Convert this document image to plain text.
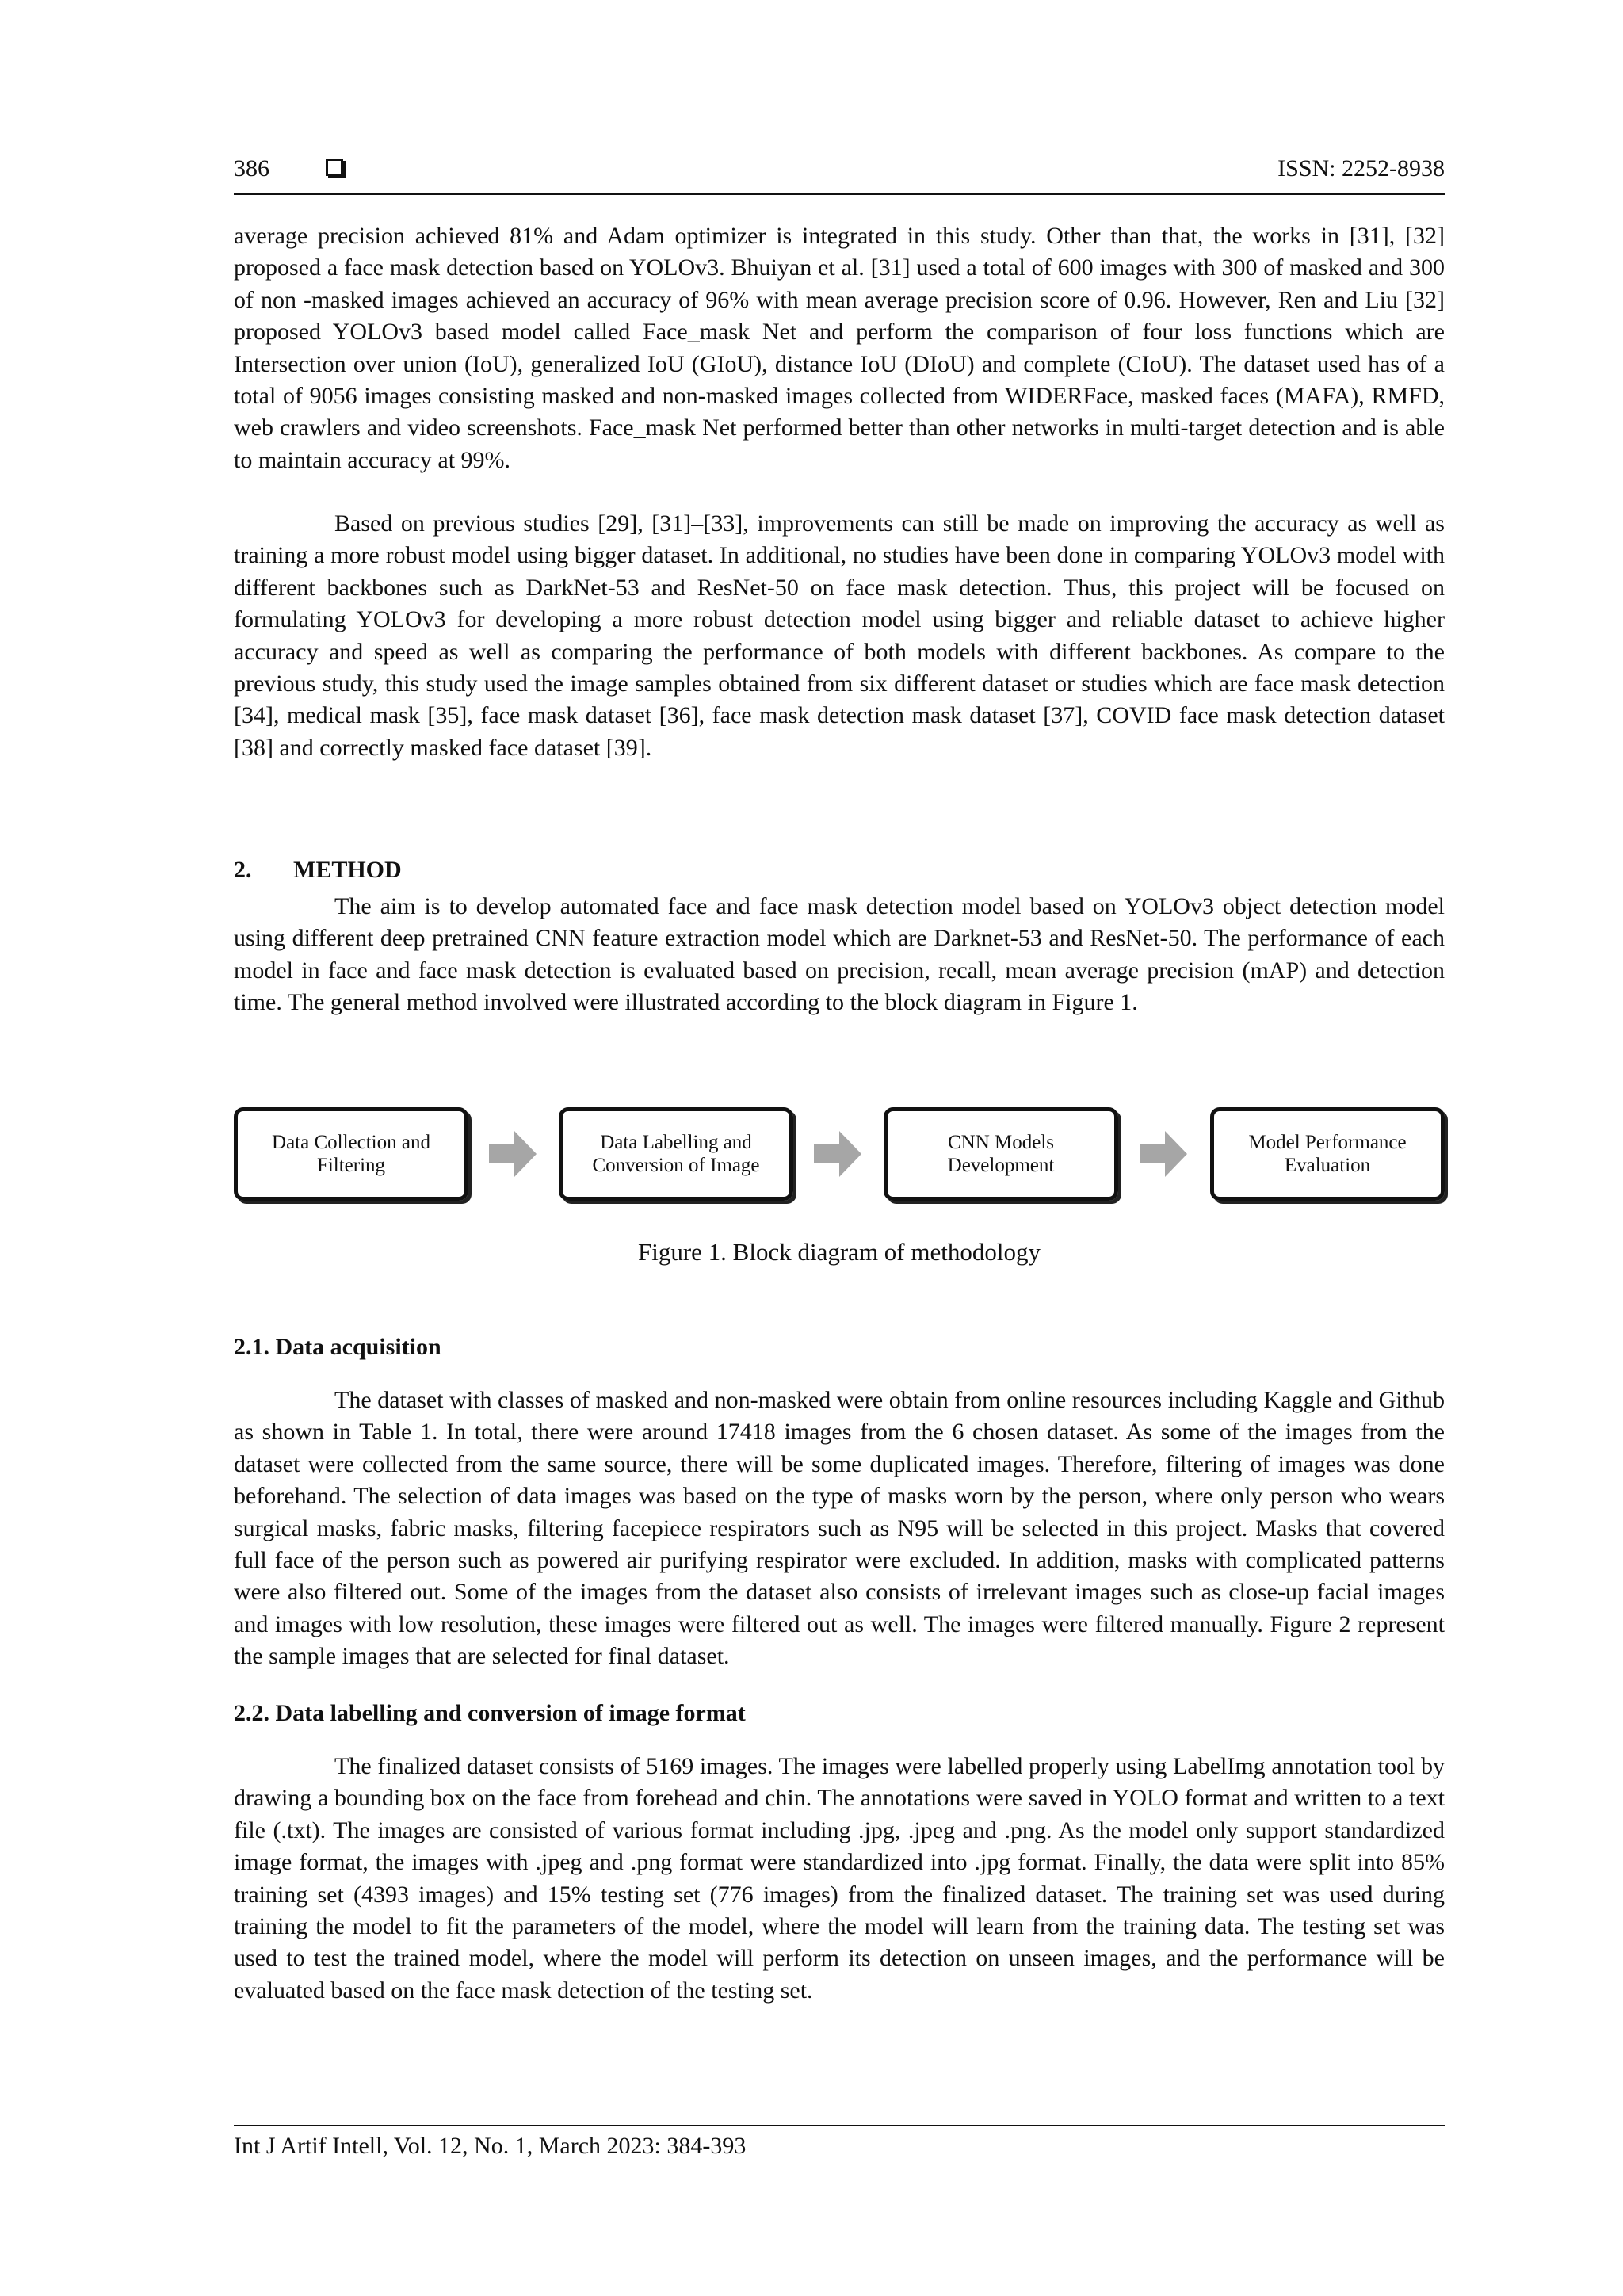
386	ISSN: 2252-8938

average precision achieved 81% and Adam optimizer is integrated in this study. Other than that, the works in [31], [32] proposed a face mask detection based on YOLOv3. Bhuiyan et al. [31] used a total of 600 images with 300 of masked and 300 of non -masked images achieved an accuracy of 96% with mean average precision score of 0.96. However, Ren and Liu [32] proposed YOLOv3 based model called Face_mask Net and perform the comparison of four loss functions which are Intersection over union (IoU), generalized IoU (GIoU), distance IoU (DIoU) and complete (CIoU). The dataset used has of a total of 9056 images consisting masked and non-masked images collected from WIDERFace, masked faces (MAFA), RMFD, web crawlers and video screenshots. Face_mask Net performed better than other networks in multi-target detection and is able to maintain accuracy at 99%.

Based on previous studies [29], [31]–[33], improvements can still be made on improving the accuracy as well as training a more robust model using bigger dataset. In additional, no studies have been done in comparing YOLOv3 model with different backbones such as DarkNet-53 and ResNet-50 on face mask detection. Thus, this project will be focused on formulating YOLOv3 for developing a more robust detection model using bigger and reliable dataset to achieve higher accuracy and speed as well as comparing the performance of both models with different backbones. As compare to the previous study, this study used the image samples obtained from six different dataset or studies which are face mask detection [34], medical mask [35], face mask dataset [36], face mask detection mask dataset [37], COVID face mask detection dataset [38] and correctly masked face dataset [39].

2. METHOD

The aim is to develop automated face and face mask detection model based on YOLOv3 object detection model using different deep pretrained CNN feature extraction model which are Darknet-53 and ResNet-50. The performance of each model in face and face mask detection is evaluated based on precision, recall, mean average precision (mAP) and detection time. The general method involved were illustrated according to the block diagram in Figure 1.

Data Collection and Filtering
Data Labelling and Conversion of Image
CNN Models Development
Model Performance Evaluation

Figure 1. Block diagram of methodology

2.1. Data acquisition

The dataset with classes of masked and non-masked were obtain from online resources including Kaggle and Github as shown in Table 1. In total, there were around 17418 images from the 6 chosen dataset. As some of the images from the dataset were collected from the same source, there will be some duplicated images. Therefore, filtering of images was done beforehand. The selection of data images was based on the type of masks worn by the person, where only person who wears surgical masks, fabric masks, filtering facepiece respirators such as N95 will be selected in this project. Masks that covered full face of the person such as powered air purifying respirator were excluded. In addition, masks with complicated patterns were also filtered out. Some of the images from the dataset also consists of irrelevant images such as close-up facial images and images with low resolution, these images were filtered out as well. The images were filtered manually. Figure 2 represent the sample images that are selected for final dataset.

2.2. Data labelling and conversion of image format

The finalized dataset consists of 5169 images. The images were labelled properly using LabelImg annotation tool by drawing a bounding box on the face from forehead and chin. The annotations were saved in YOLO format and written to a text file (.txt). The images are consisted of various format including .jpg, .jpeg and .png. As the model only support standardized image format, the images with .jpeg and .png format were standardized into .jpg format. Finally, the data were split into 85% training set (4393 images) and 15% testing set (776 images) from the finalized dataset. The training set was used during training the model to fit the parameters of the model, where the model will learn from the training data. The testing set was used to test the trained model, where the model will perform its detection on unseen images, and the performance will be evaluated based on the face mask detection of the testing set.

Int J Artif Intell, Vol. 12, No. 1, March 2023: 384-393
